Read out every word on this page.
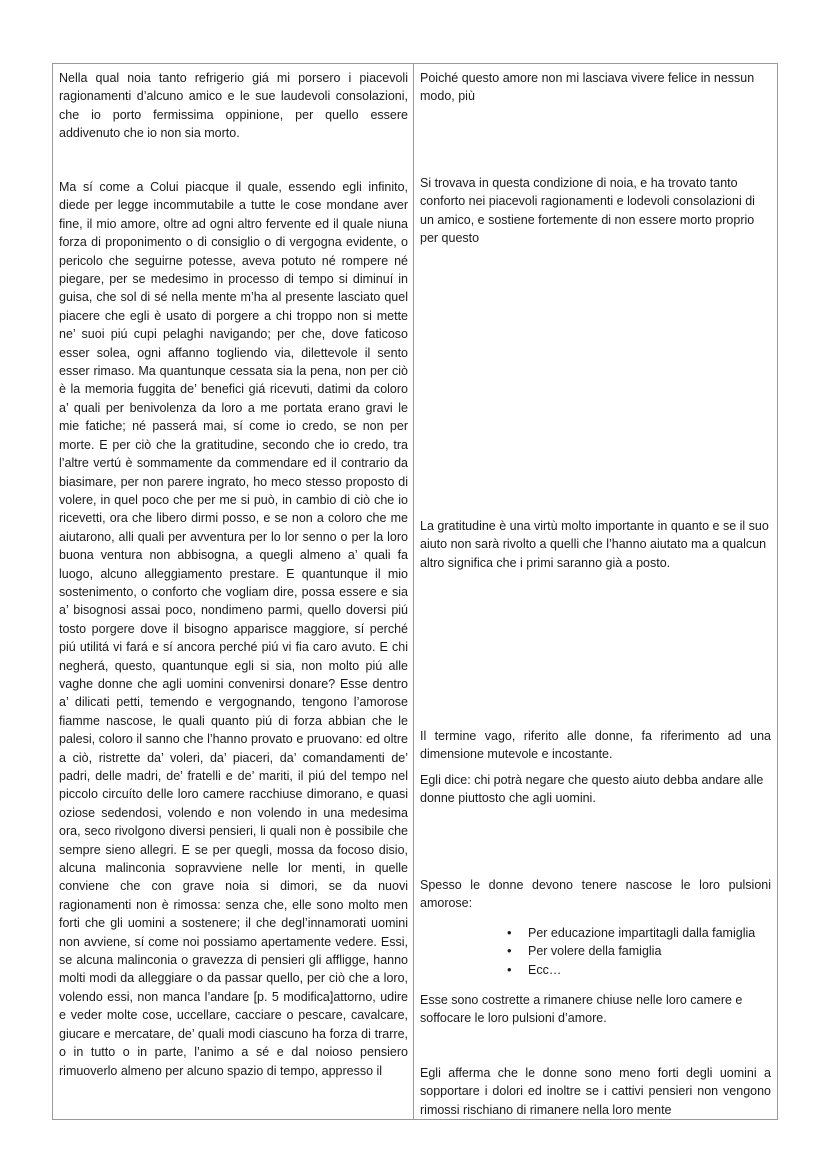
Nella qual noia tanto refrigerio giá mi porsero i piacevoli ragionamenti d’alcuno amico e le sue laudevoli consolazioni, che io porto fermissima oppinione, per quello essere addivenuto che io non sia morto.

Ma sí come a Colui piacque il quale, essendo egli infinito, diede per legge incommutabile a tutte le cose mondane aver fine, il mio amore, oltre ad ogni altro fervente ed il quale niuna forza di proponimento o di consiglio o di vergogna evidente, o pericolo che seguirne potesse, aveva potuto né rompere né piegare, per se medesimo in processo di tempo si diminuí in guisa, che sol di sé nella mente m’ha al presente lasciato quel piacere che egli è usato di porgere a chi troppo non si mette ne’ suoi piú cupi pelaghi navigando; per che, dove faticoso esser solea, ogni affanno togliendo via, dilettevole il sento esser rimaso. Ma quantunque cessata sia la pena, non per ciò è la memoria fuggita de’ benefici giá ricevuti, datimi da coloro a’ quali per benivolenza da loro a me portata erano gravi le mie fatiche; né passerá mai, sí come io credo, se non per morte. E per ciò che la gratitudine, secondo che io credo, tra l’altre vertú è sommamente da commendare ed il contrario da biasimare, per non parere ingrato, ho meco stesso proposto di volere, in quel poco che per me si può, in cambio di ciò che io ricevetti, ora che libero dirmi posso, e se non a coloro che me aiutarono, alli quali per avventura per lo lor senno o per la loro buona ventura non abbisogna, a quegli almeno a’ quali fa luogo, alcuno alleggiamento prestare. E quantunque il mio sostenimento, o conforto che vogliam dire, possa essere e sia a’ bisognosi assai poco, nondimeno parmi, quello doversi piú tosto porgere dove il bisogno apparisce maggiore, sí perché piú utilitá vi fará e sí ancora perché piú vi fia caro avuto. E chi negherá, questo, quantunque egli si sia, non molto piú alle vaghe donne che agli uomini convenirsi donare? Esse dentro a’ dilicati petti, temendo e vergognando, tengono l’amorose fiamme nascose, le quali quanto piú di forza abbian che le palesi, coloro il sanno che l’hanno provato e pruovano: ed oltre a ciò, ristrette da’ voleri, da’ piaceri, da’ comandamenti de’ padri, delle madri, de’ fratelli e de’ mariti, il piú del tempo nel piccolo circuíto delle loro camere racchiuse dimorano, e quasi oziose sedendosi, volendo e non volendo in una medesima ora, seco rivolgono diversi pensieri, li quali non è possibile che sempre sieno allegri. E se per quegli, mossa da focoso disio, alcuna malinconia sopravviene nelle lor menti, in quelle conviene che con grave noia si dimori, se da nuovi ragionamenti non è rimossa: senza che, elle sono molto men forti che gli uomini a sostenere; il che degl’innamorati uomini non avviene, sí come noi possiamo apertamente vedere. Essi, se alcuna malinconia o gravezza di pensieri gli affligge, hanno molti modi da alleggiare o da passar quello, per ciò che a loro, volendo essi, non manca l’andare [p. 5 modifica]attorno, udire e veder molte cose, uccellare, cacciare o pescare, cavalcare, giucare e mercatare, de’ quali modi ciascuno ha forza di trarre, o in tutto o in parte, l’animo a sé e dal noioso pensiero rimuoverlo almeno per alcuno spazio di tempo, appresso il

Poiché questo amore non mi lasciava vivere felice in nessun modo, più

Si trovava in questa condizione di noia, e ha trovato tanto conforto nei piacevoli ragionamenti e lodevoli consolazioni di un amico, e sostiene fortemente di non essere morto proprio per questo

La gratitudine è una virtù molto importante in quanto e se il suo aiuto non sarà rivolto a quelli che l’hanno aiutato ma a qualcun altro significa che i primi saranno già a posto.

Il termine vago, riferito alle donne, fa riferimento ad una dimensione mutevole e incostante.

Egli dice: chi potrà negare che questo aiuto debba andare alle donne piuttosto che agli uomini.

Spesso le donne devono tenere nascose le loro pulsioni amorose:

• Per educazione impartitagli dalla famiglia
• Per volere della famiglia
• Ecc…

Esse sono costrette a rimanere chiuse nelle loro camere e soffocare le loro pulsioni d’amore.

Egli afferma che le donne sono meno forti degli uomini a sopportare i dolori ed inoltre se i cattivi pensieri non vengono rimossi rischiano di rimanere nella loro mente
